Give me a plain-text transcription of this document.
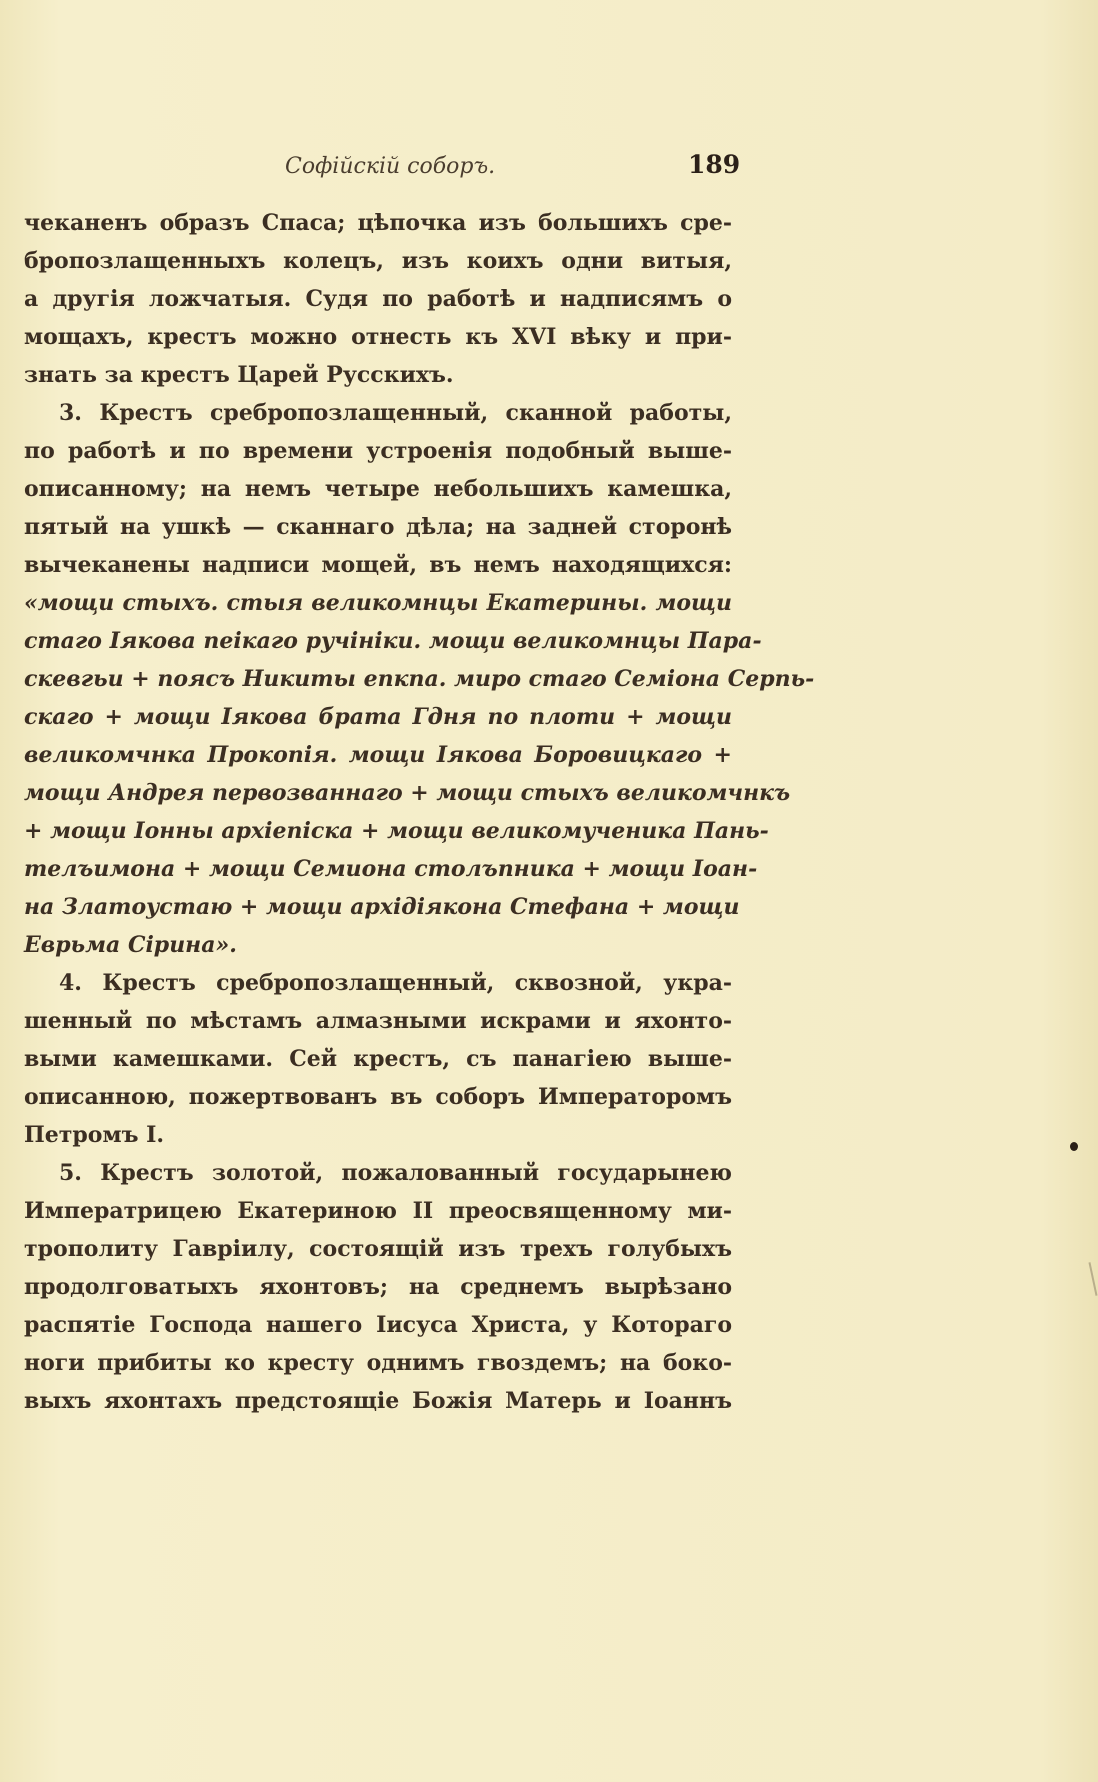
Софійскій соборъ.	189
чеканенъ образъ Спаса; цѣпочка изъ большихъ сре-
бропозлащенныхъ колецъ, изъ коихъ одни витыя,
а другія ложчатыя. Судя по работѣ и надписямъ о
мощахъ, крестъ можно отнесть къ XVI вѣку и при-
знать за крестъ Царей Русскихъ.
3. Крестъ сребропозлащенный, сканной работы,
по работѣ и по времени устроенія подобный выше-
описанному; на немъ четыре небольшихъ камешка,
пятый на ушкѣ — сканнаго дѣла; на задней сторонѣ
вычеканены надписи мощей, въ немъ находящихся:
«мощи стыхъ. стыя великомнцы Екатерины. мощи
стаго Іякова пеікаго ручініки. мощи великомнцы Пара-
скевгьи + поясъ Никиты епкпа. миро стаго Семіона Серпь-
скаго + мощи Іякова брата Гдня по плоти + мощи
великомчнка Прокопія. мощи Іякова Боровицкаго +
мощи Андрея первозваннаго + мощи стыхъ великомчнкъ
+ мощи Іонны архіепіска + мощи великомученика Пань-
телъимона + мощи Семиона столъпника + мощи Іоан-
на Златоустаю + мощи архідіякона Стефана + мощи
Еврьма Сірина».
4. Крестъ сребропозлащенный, сквозной, укра-
шенный по мѣстамъ алмазными искрами и яхонто-
выми камешками. Сей крестъ, съ панагіею выше-
описанною, пожертвованъ въ соборъ Императоромъ
Петромъ I.
5. Крестъ золотой, пожалованный государынею
Императрицею Екатериною II преосвященному ми-
трополиту Гавріилу, состоящій изъ трехъ голубыхъ
продолговатыхъ яхонтовъ; на среднемъ вырѣзано
распятіе Господа нашего Іисуса Христа, у Котораго
ноги прибиты ко кресту однимъ гвоздемъ; на боко-
выхъ яхонтахъ предстоящіе Божія Матерь и Іоаннъ
